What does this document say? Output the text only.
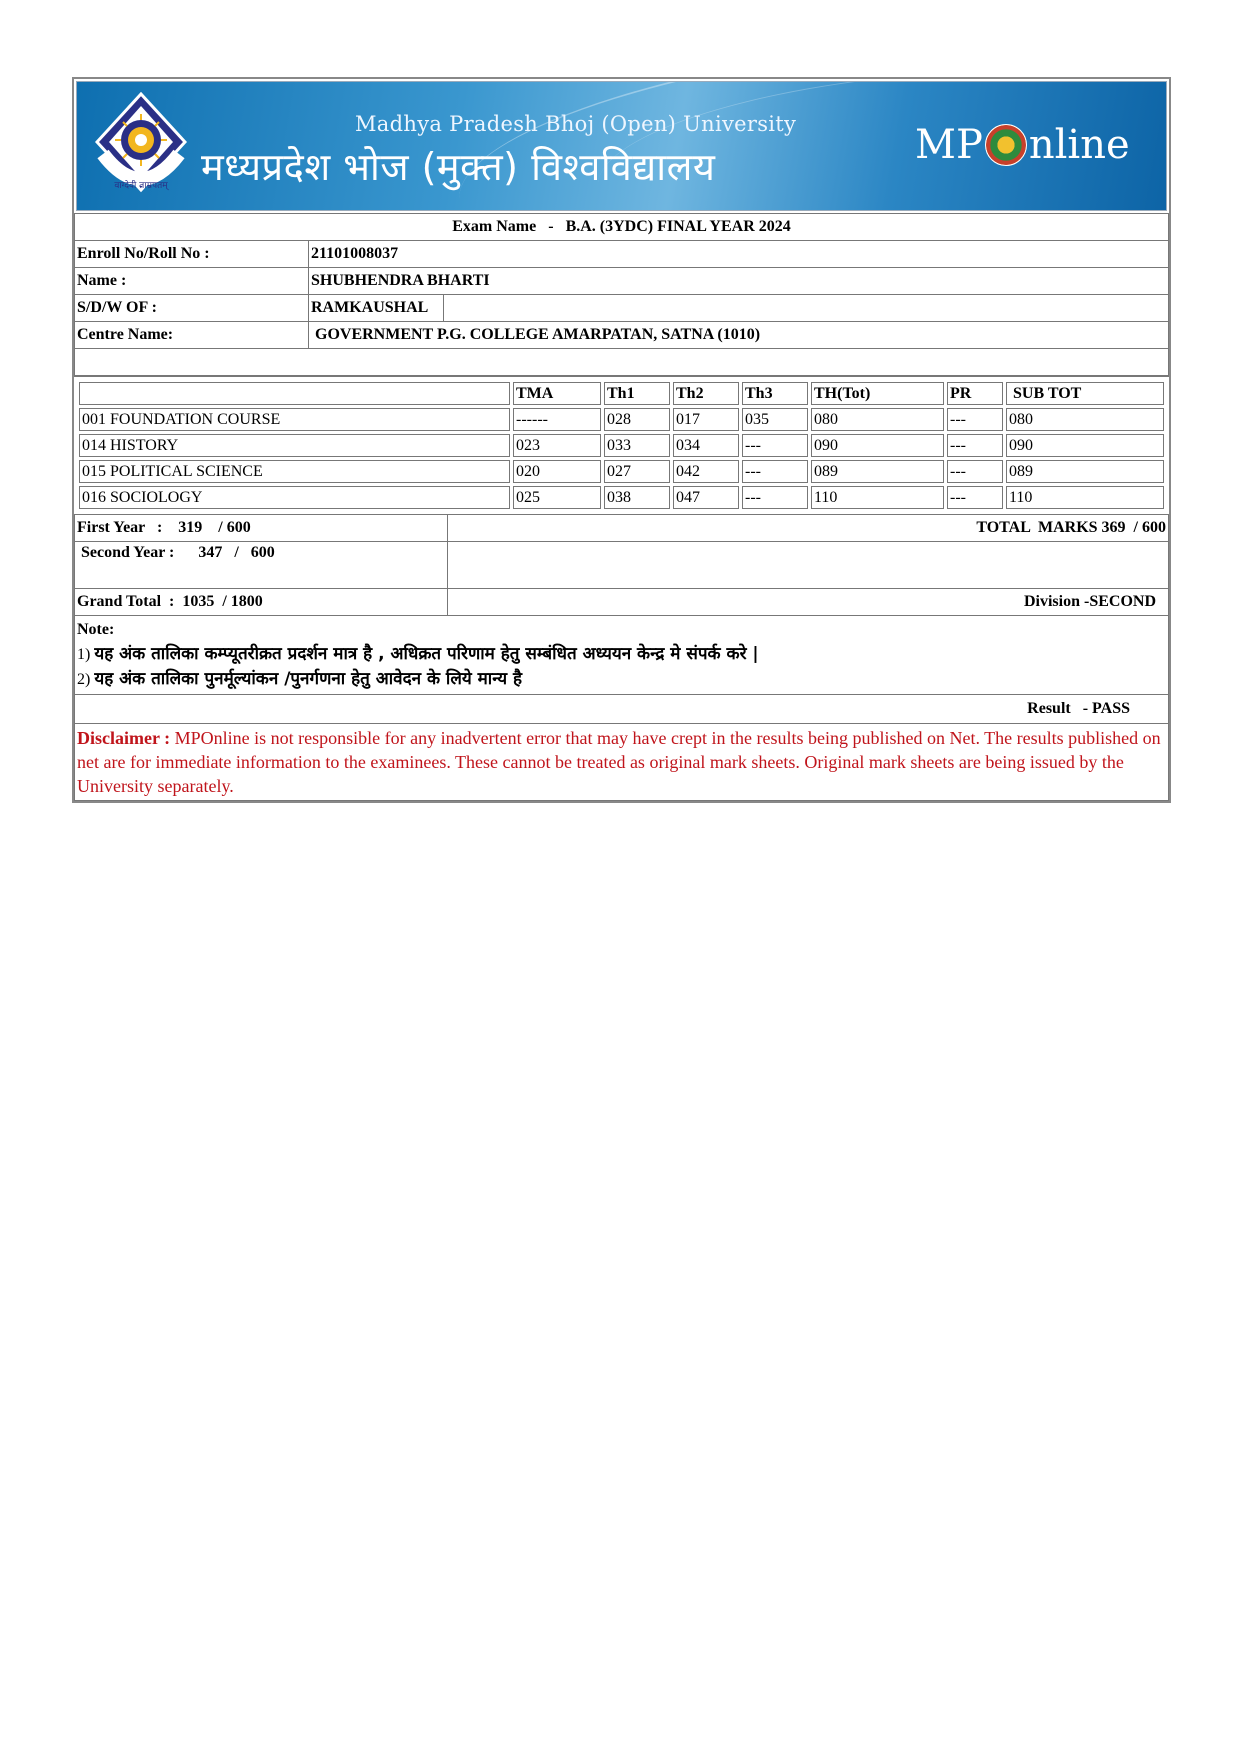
वाग्देवी ताम्रपतम्
Madhya Pradesh Bhoj (Open) University
मध्यप्रदेश भोज (मुक्त) विश्वविद्यालय	MP nline
Exam Name - B.A. (3YDC) FINAL YEAR 2024		
Enroll No/Roll No :	21101008037	
Name :	SHUBHENDRA BHARTI	
S/D/W OF :	RAMKAUSHAL	
Centre Name:	GOVERNMENT P.G. COLLEGE AMARPATAN, SATNA (1010)	

	TMA	Th1	Th2	Th3	TH(Tot)	PR	SUB TOT
001 FOUNDATION COURSE	------	028	017	035	080	---	080
014 HISTORY	023	033	034	---	090	---	090
015 POLITICAL SCIENCE	020	027	042	---	089	---	089
016 SOCIOLOGY	025	038	047	---	110	---	110
First Year   :    319    / 600	TOTAL  MARKS 369  / 600
Second Year :      347   /   600	
Grand Total  :  1035  / 1800	Division -SECOND

Note:
1) यह अंक तालिका कम्प्यूतरीक्रत प्रदर्शन मात्र है , अधिक्रत परिणाम हेतु सम्बंधित अध्ययन केन्द्र मे संपर्क करे |
2) यह अंक तालिका पुनर्मूल्यांकन /पुनर्गणना हेतु आवेदन के लिये मान्य है	

Result   - PASS	
Disclaimer : MPOnline is not responsible for any inadvertent error that may have crept in the results being published on Net. The results published on net are for immediate information to the examinees. These cannot be treated as original mark sheets. Original mark sheets are being issued by the University separately.	
